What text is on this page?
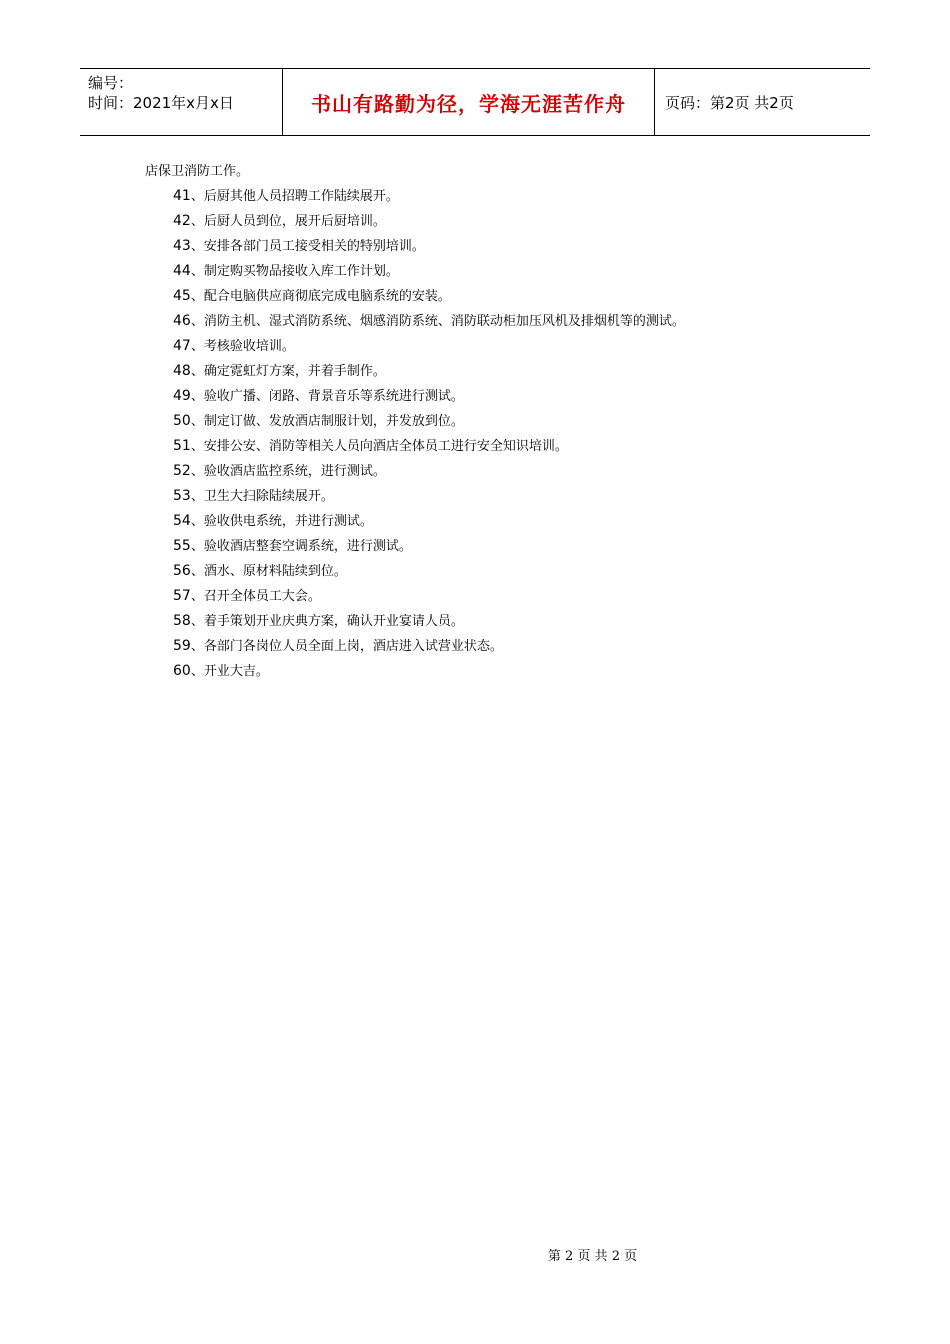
编号：
时间：2021年x月x日	书山有路勤为径，学海无涯苦作舟	页码：第2页 共2页
店保卫消防工作。
41、后厨其他人员招聘工作陆续展开。
42、后厨人员到位，展开后厨培训。
43、安排各部门员工接受相关的特别培训。
44、制定购买物品接收入库工作计划。
45、配合电脑供应商彻底完成电脑系统的安装。
46、消防主机、湿式消防系统、烟感消防系统、消防联动柜加压风机及排烟机等的测试。
47、考核验收培训。
48、确定霓虹灯方案，并着手制作。
49、验收广播、闭路、背景音乐等系统进行测试。
50、制定订做、发放酒店制服计划，并发放到位。
51、安排公安、消防等相关人员向酒店全体员工进行安全知识培训。
52、验收酒店监控系统，进行测试。
53、卫生大扫除陆续展开。
54、验收供电系统，并进行测试。
55、验收酒店整套空调系统，进行测试。
56、酒水、原材料陆续到位。
57、召开全体员工大会。
58、着手策划开业庆典方案，确认开业宴请人员。
59、各部门各岗位人员全面上岗，酒店进入试营业状态。
60、开业大吉。
第 2 页 共 2 页
